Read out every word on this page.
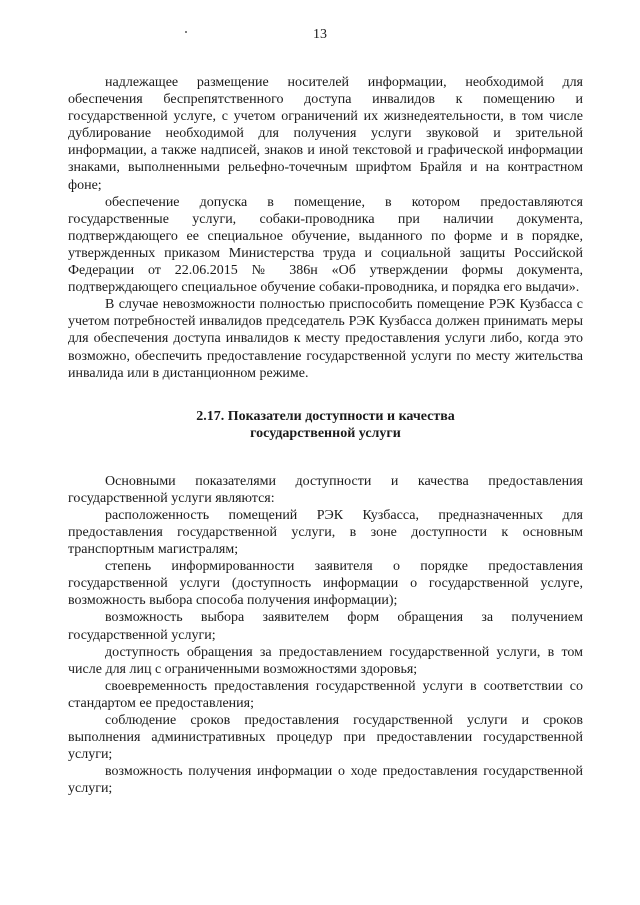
13

надлежащее размещение носителей информации, необходимой для обеспечения беспрепятственного доступа инвалидов к помещению и государственной услуге, с учетом ограничений их жизнедеятельности, в том числе дублирование необходимой для получения услуги звуковой и зрительной информации, а также надписей, знаков и иной текстовой и графической информации знаками, выполненными рельефно-точечным шрифтом Брайля и на контрастном фоне;

обеспечение допуска в помещение, в котором предоставляются государственные услуги, собаки-проводника при наличии документа, подтверждающего ее специальное обучение, выданного по форме и в порядке, утвержденных приказом Министерства труда и социальной защиты Российской Федерации от 22.06.2015 № 386н «Об утверждении формы документа, подтверждающего специальное обучение собаки-проводника, и порядка его выдачи».

В случае невозможности полностью приспособить помещение РЭК Кузбасса с учетом потребностей инвалидов председатель РЭК Кузбасса должен принимать меры для обеспечения доступа инвалидов к месту предоставления услуги либо, когда это возможно, обеспечить предоставление государственной услуги по месту жительства инвалида или в дистанционном режиме.

2.17. Показатели доступности и качества
государственной услуги

Основными показателями доступности и качества предоставления государственной услуги являются:

расположенность помещений РЭК Кузбасса, предназначенных для предоставления государственной услуги, в зоне доступности к основным транспортным магистралям;

степень информированности заявителя о порядке предоставления государственной услуги (доступность информации о государственной услуге, возможность выбора способа получения информации);

возможность выбора заявителем форм обращения за получением государственной услуги;

доступность обращения за предоставлением государственной услуги, в том числе для лиц с ограниченными возможностями здоровья;

своевременность предоставления государственной услуги в соответствии со стандартом ее предоставления;

соблюдение сроков предоставления государственной услуги и сроков выполнения административных процедур при предоставлении государственной услуги;

возможность получения информации о ходе предоставления государственной услуги;
